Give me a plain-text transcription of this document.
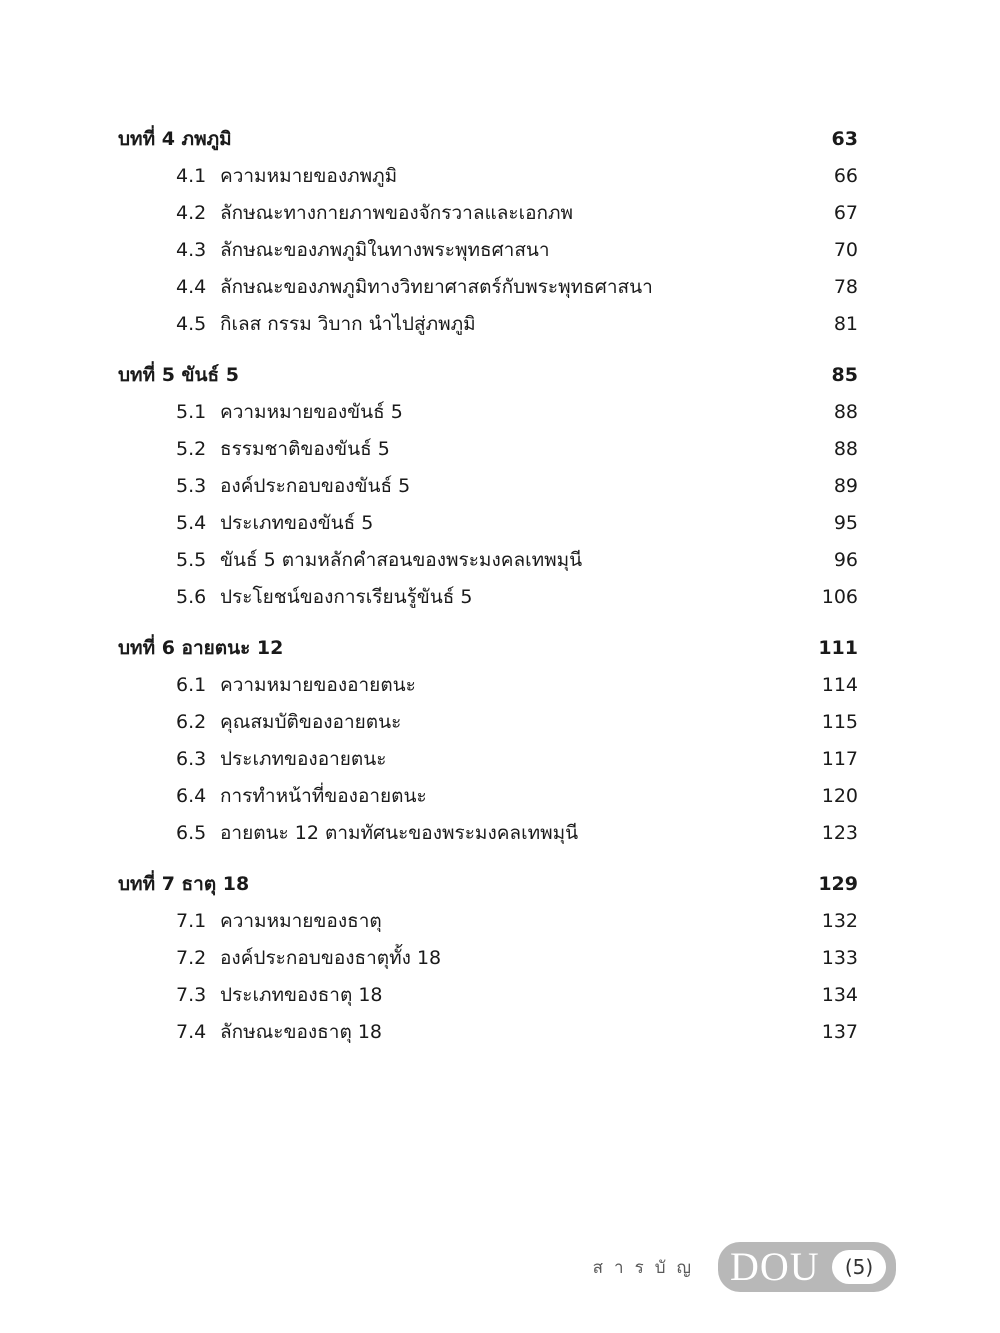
บทที่ 4 ภพภูมิ	63
4.1 ความหมายของภพภูมิ	66
4.2 ลักษณะทางกายภาพของจักรวาลและเอกภพ	67
4.3 ลักษณะของภพภูมิในทางพระพุทธศาสนา	70
4.4 ลักษณะของภพภูมิทางวิทยาศาสตร์กับพระพุทธศาสนา	78
4.5 กิเลส กรรม วิบาก นำไปสู่ภพภูมิ	81
บทที่ 5 ขันธ์ 5	85
5.1 ความหมายของขันธ์ 5	88
5.2 ธรรมชาติของขันธ์ 5	88
5.3 องค์ประกอบของขันธ์ 5	89
5.4 ประเภทของขันธ์ 5	95
5.5 ขันธ์ 5 ตามหลักคำสอนของพระมงคลเทพมุนี	96
5.6 ประโยชน์ของการเรียนรู้ขันธ์ 5	106
บทที่ 6 อายตนะ 12	111
6.1 ความหมายของอายตนะ	114
6.2 คุณสมบัติของอายตนะ	115
6.3 ประเภทของอายตนะ	117
6.4 การทำหน้าที่ของอายตนะ	120
6.5 อายตนะ 12 ตามทัศนะของพระมงคลเทพมุนี	123
บทที่ 7 ธาตุ 18	129
7.1 ความหมายของธาตุ	132
7.2 องค์ประกอบของธาตุทั้ง 18	133
7.3 ประเภทของธาตุ 18	134
7.4 ลักษณะของธาตุ 18	137
สารบัญ DOU	(5)
